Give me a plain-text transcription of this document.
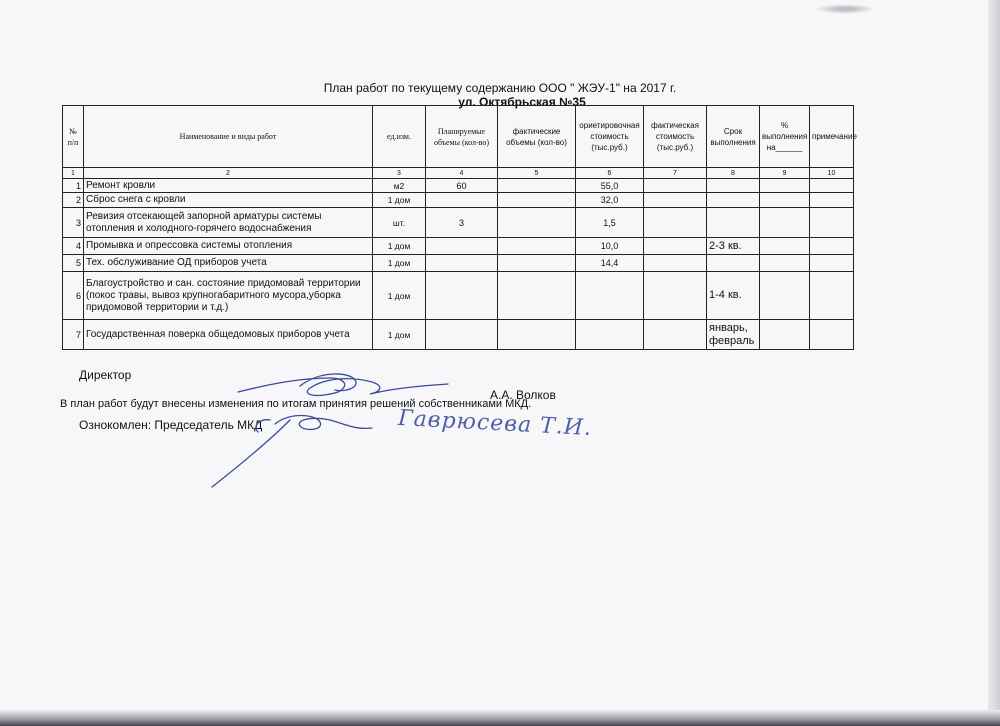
План работ по текущему содержанию ООО " ЖЭУ-1" на 2017 г.
ул. Октябрьская №35
№ п/п	Наименование и виды работ	ед.изм.	Планируемые объемы (кол-во)	фактические объемы (кол-во)	ориетировочная стоимость (тыс.руб.)	фактическая стоимость (тыс.руб.)	Срок выполнения	% выполнения на______	примечание
1	2	3	4	5	6	7	8	9	10
1	Ремонт кровли	м2	60		55,0				
2	Сброс снега с кровли	1 дом			32,0				
3	Ревизия отсекающей запорной арматуры системы отопления и холодного-горячего водоснабжения	шт.	3		1,5				
4	Промывка и опрессовка системы отопления	1 дом			10,0		2-3 кв.		
5	Тех. обслуживание ОД приборов учета	1 дом			14,4				
6	Благоустройство и сан. состояние придомовай территории (покос травы, вывоз крупногабаритного мусора,уборка придомовой территории и т.д.)	1 дом					1-4 кв.		
7	Государственная поверка общедомовых приборов учета	1 дом					январь, февраль		
Директор
А.А. Волков
В план работ будут внесены изменения по итогам принятия решений собственниками МКД.
Ознокомлен: Председатель МКД	Гаврюсева Т.И.
